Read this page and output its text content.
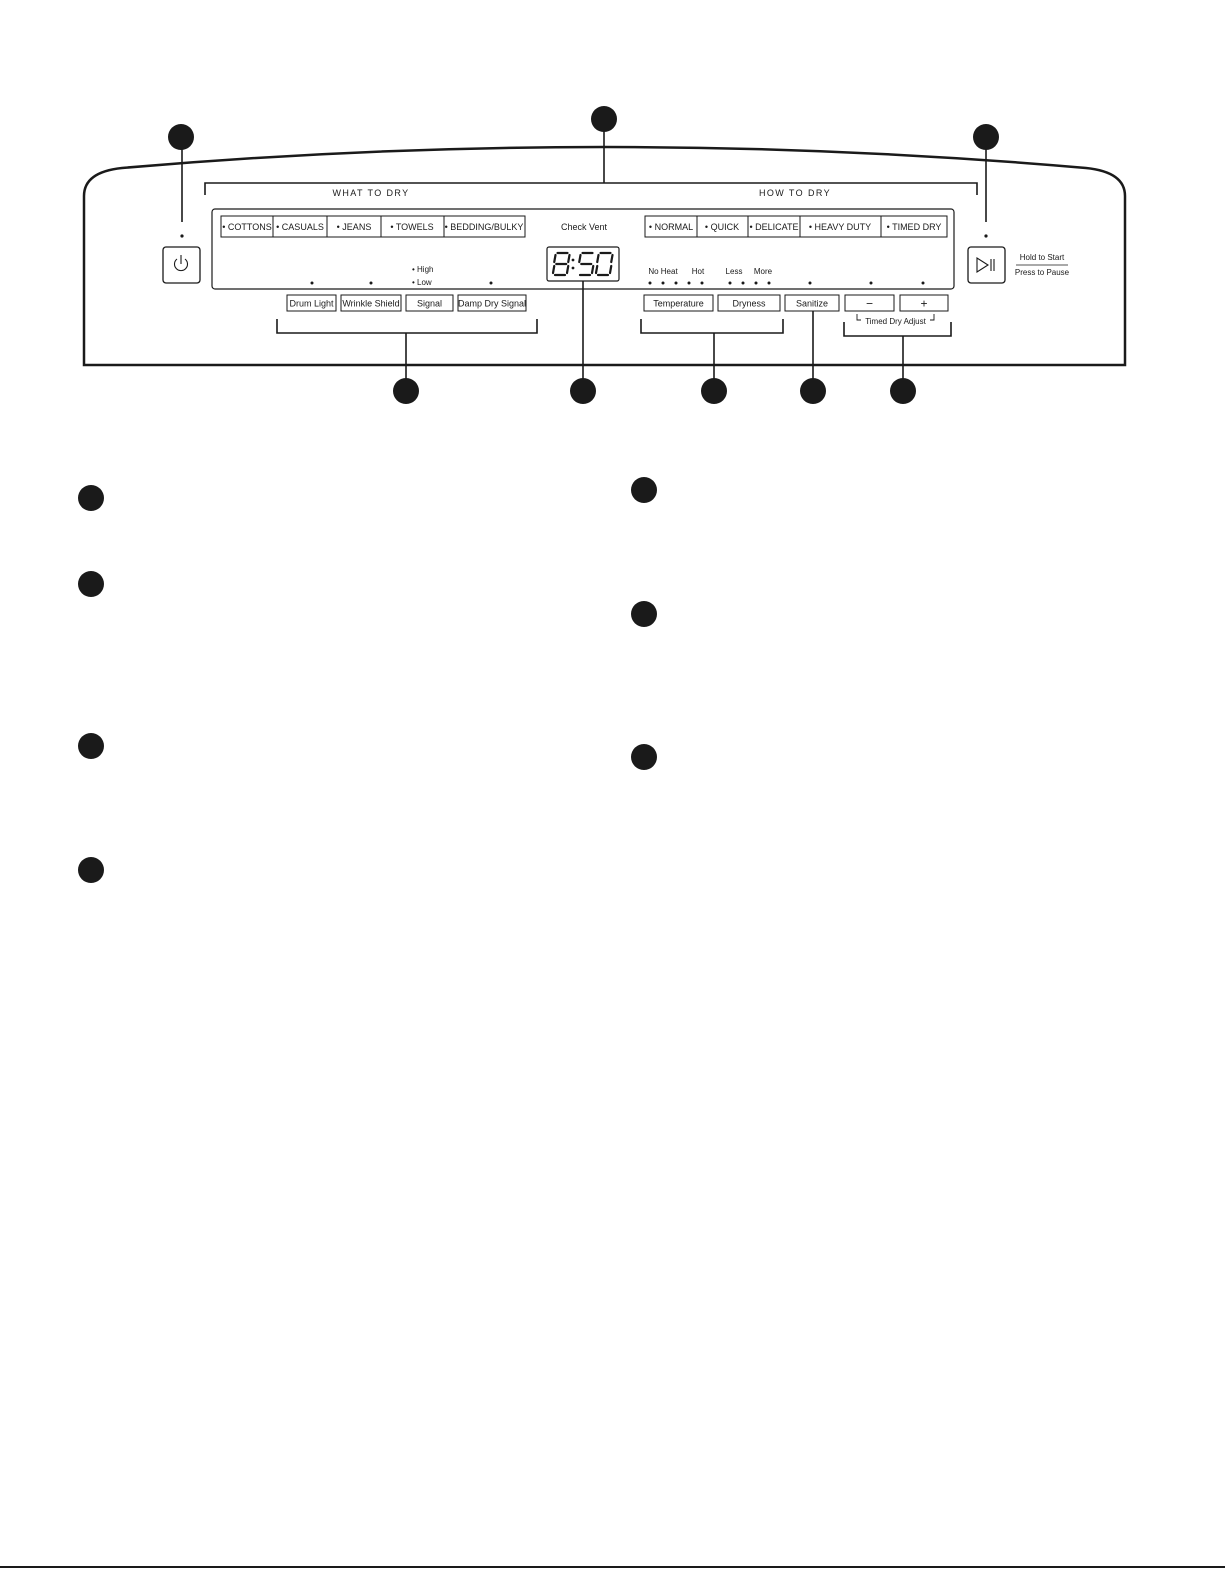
WHAT TO DRY	HOW TO DRY
Hold to Start
Press to Pause
• COTTONS • CASUALS • JEANS • TOWELS • BEDDING/BULKY	• NORMAL • QUICK • DELICATE • HEAVY DUTY • TIMED DRY
Check Vent
• High
• Low
No Heat Hot	Less More
Drum Light Wrinkle Shield Signal Damp Dry Signal	Temperature	Dryness	Sanitize	−	+
Timed Dry Adjust
